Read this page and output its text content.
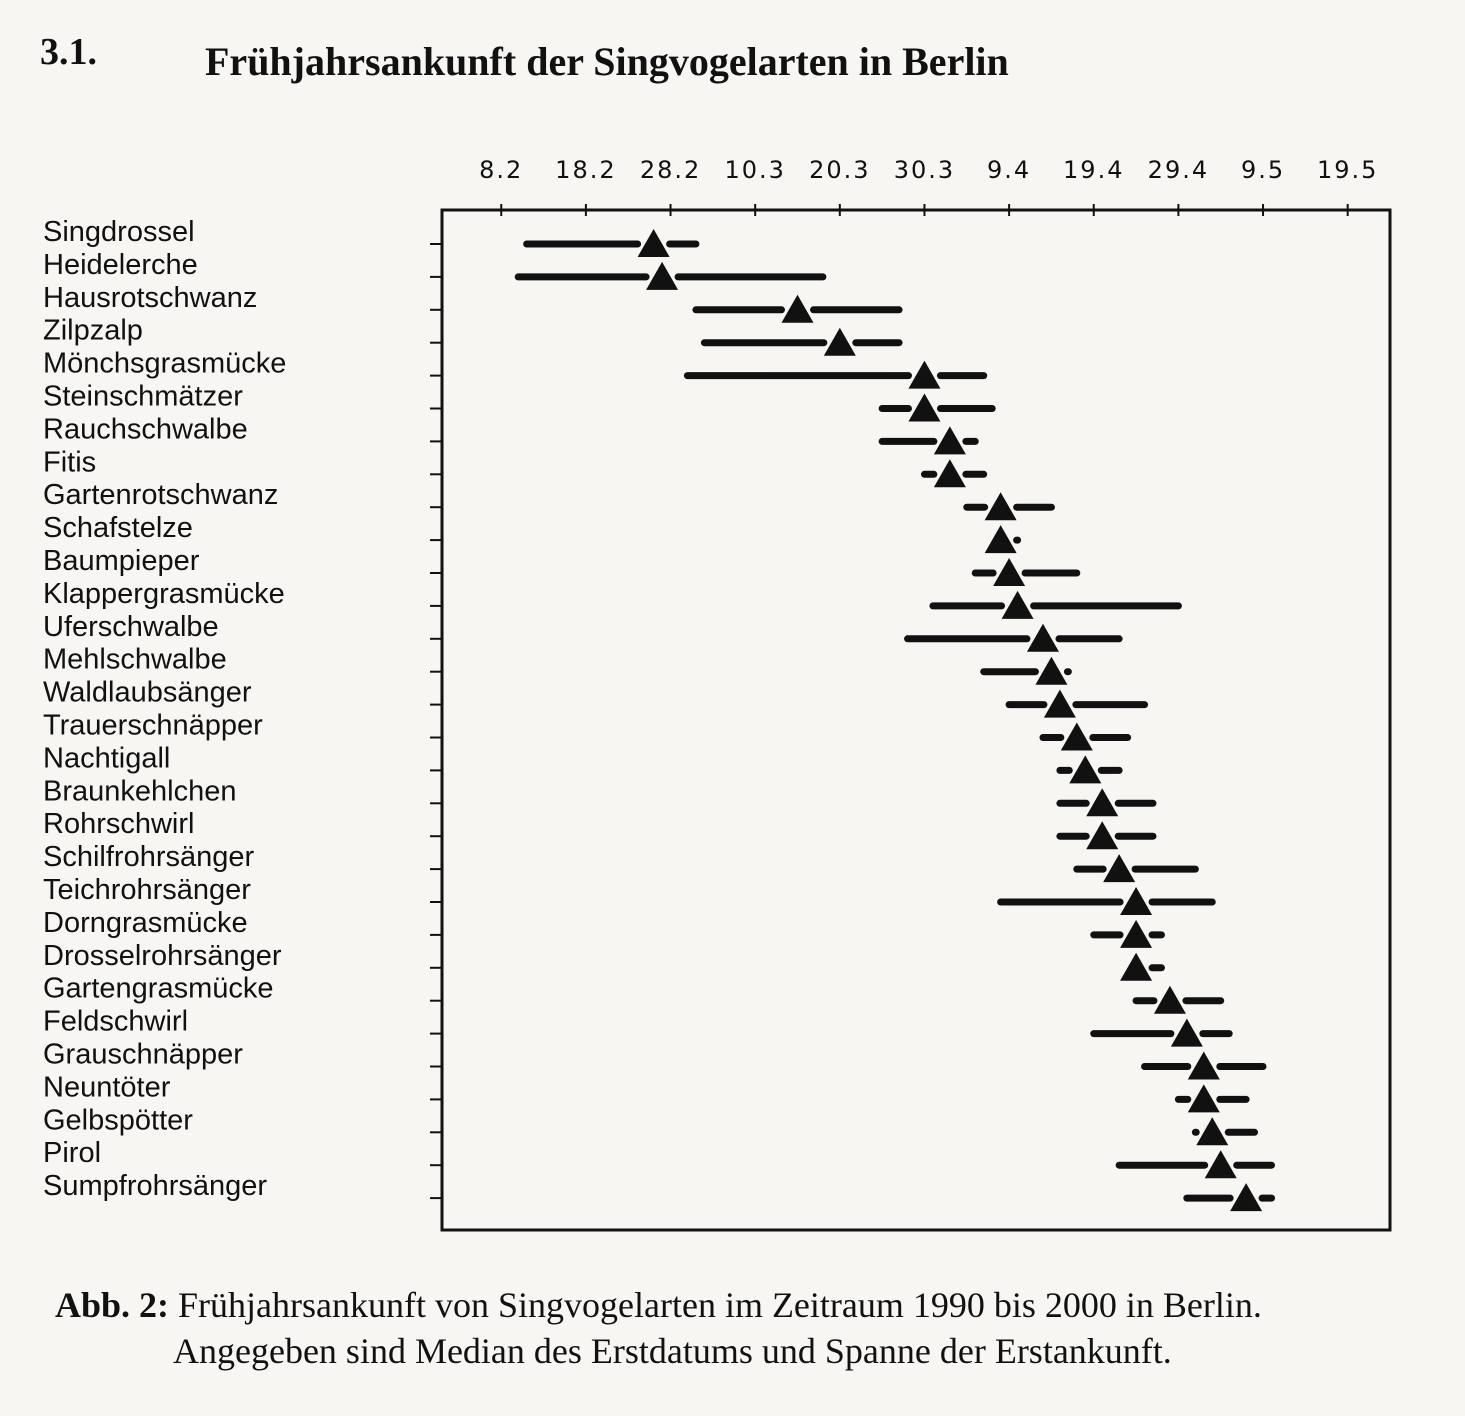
3.1.	Frühjahrsankunft der Singvogelarten in Berlin
8.2 18.2 28.2 10.3 20.3 30.3 9.4 19.4 29.4 9.5 19.5
Singdrossel
Heidelerche
Hausrotschwanz
Zilpzalp
Mönchsgrasmücke
Steinschmätzer
Rauchschwalbe
Fitis
Gartenrotschwanz
Schafstelze
Baumpieper
Klappergrasmücke
Uferschwalbe
Mehlschwalbe
Waldlaubsänger
Trauerschnäpper
Nachtigall
Braunkehlchen
Rohrschwirl
Schilfrohrsänger
Teichrohrsänger
Dorngrasmücke
Drosselrohrsänger
Gartengrasmücke
Feldschwirl
Grauschnäpper
Neuntöter
Gelbspötter
Pirol
Sumpfrohrsänger
Abb. 2: Frühjahrsankunft von Singvogelarten im Zeitraum 1990 bis 2000 in Berlin.
Angegeben sind Median des Erstdatums und Spanne der Erstankunft.
